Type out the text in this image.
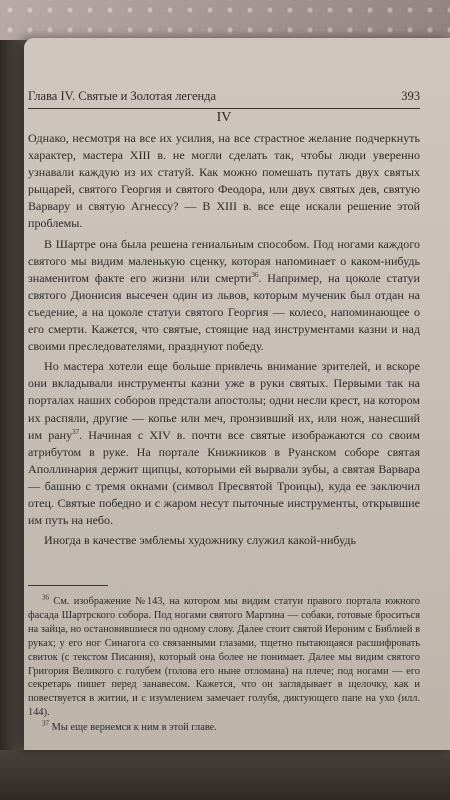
Глава IV. Святые и Золотая легенда	393
IV

Однако, несмотря на все их усилия, на все страстное желание подчеркнуть характер, мастера XIII в. не могли сделать так, чтобы люди уверенно узнавали каждую из их статуй. Как можно помешать путать двух святых рыцарей, святого Георгия и святого Феодора, или двух святых дев, святую Варвару и святую Агнессу? — В XIII в. все еще искали решение этой проблемы.

В Шартре она была решена гениальным способом. Под ногами каждого святого мы видим маленькую сценку, которая напоминает о каком-нибудь знаменитом факте его жизни или смерти$^{36}$. Например, на цоколе статуи святого Дионисия высечен один из львов, которым мученик был отдан на съедение, а на цоколе статуи святого Георгия — колесо, напоминающее о его смерти. Кажется, что святые, стоящие над инструментами казни и над своими преследователями, празднуют победу.

Но мастера хотели еще больше привлечь внимание зрителей, и вскоре они вкладывали инструменты казни уже в руки святых. Первыми так на порталах наших соборов предстали апостолы; одни несли крест, на котором их распяли, другие — копье или меч, пронзивший их, или нож, нанесший им рану$^{37}$. Начиная с XIV в. почти все святые изображаются со своим атрибутом в руке. На портале Книжников в Руанском соборе святая Аполлинария держит щипцы, которыми ей вырвали зубы, а святая Варвара — башню с тремя окнами (символ Пресвятой Троицы), куда ее заключил отец. Святые победно и с жаром несут пыточные инструменты, открывшие им путь на небо.

Иногда в качестве эмблемы художнику служил какой-нибудь

$^{36}$ См. изображение №143, на котором мы видим статуи правого портала южного фасада Шартрского собора. Под ногами святого Мартина — собаки, готовые броситься на зайца, но остановившиеся по одному слову. Далее стоит святой Иероним с Библией в руках; у его ног Синагога со связанными глазами, тщетно пытающаяся расшифровать свиток (с текстом Писания), который она более не понимает. Далее мы видим святого Григория Великого с голубем (голова его ныне отломана) на плече; под ногами — его секретарь пишет перед занавесом. Кажется, что он заглядывает в щелочку, как и повествуется в житии, и с изумлением замечает голубя, диктующего папе на ухо (илл. 144).

$^{37}$ Мы еще вернемся к ним в этой главе.
